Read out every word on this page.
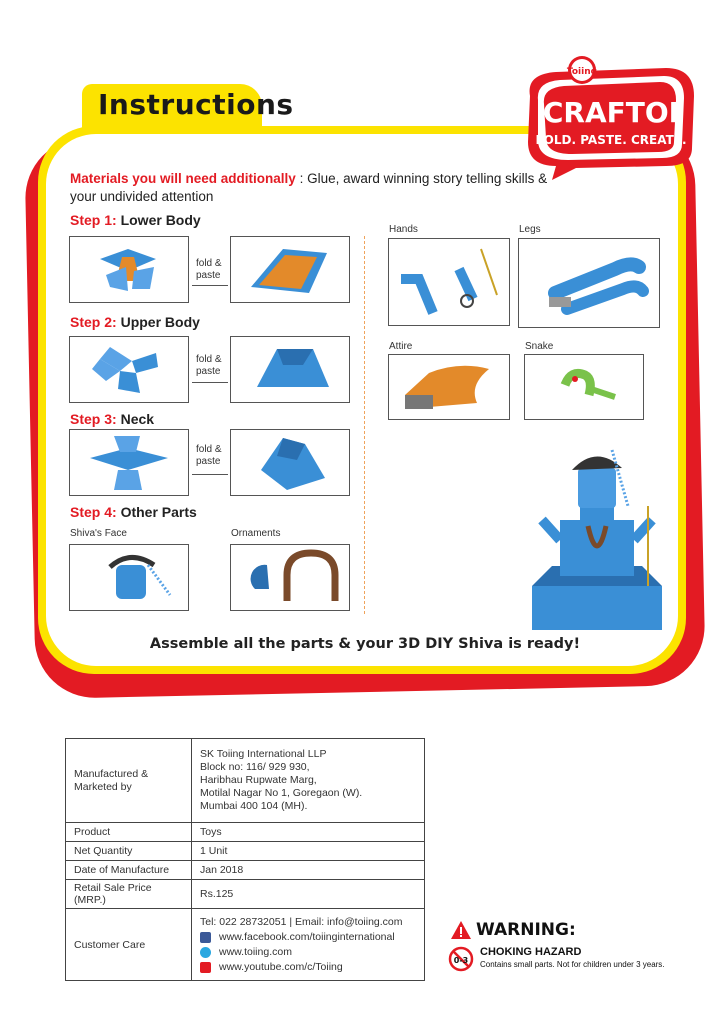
Instructions
Toiing
CRAFTOI
FOLD. PASTE. CREATE.
Materials you will need additionally : Glue, award winning story telling skills & your undivided attention
Step 1: Lower Body
fold & paste
Step 2: Upper Body
fold & paste
Step 3: Neck
fold & paste
Step 4: Other Parts
Shiva's Face	Ornaments
Hands	Legs
Attire	Snake
Assemble all the parts & your 3D DIY Shiva is ready!
Manufactured & Marketed by	SK Toiing International LLP
Block no: 116/ 929 930,
Haribhau Rupwate Marg,
Motilal Nagar No 1, Goregaon (W).
Mumbai 400 104 (MH).

Product	Toys
Net Quantity	1 Unit
Date of Manufacture	Jan 2018
Retail Sale Price (MRP.)	Rs.125
Customer Care	Tel: 022 28732051 | Email: info@toiing.com
www.facebook.com/toiinginternational
www.toiing.com
www.youtube.com/c/Toiing
WARNING:
0-3
CHOKING HAZARD
Contains small parts. Not for children under 3 years.
